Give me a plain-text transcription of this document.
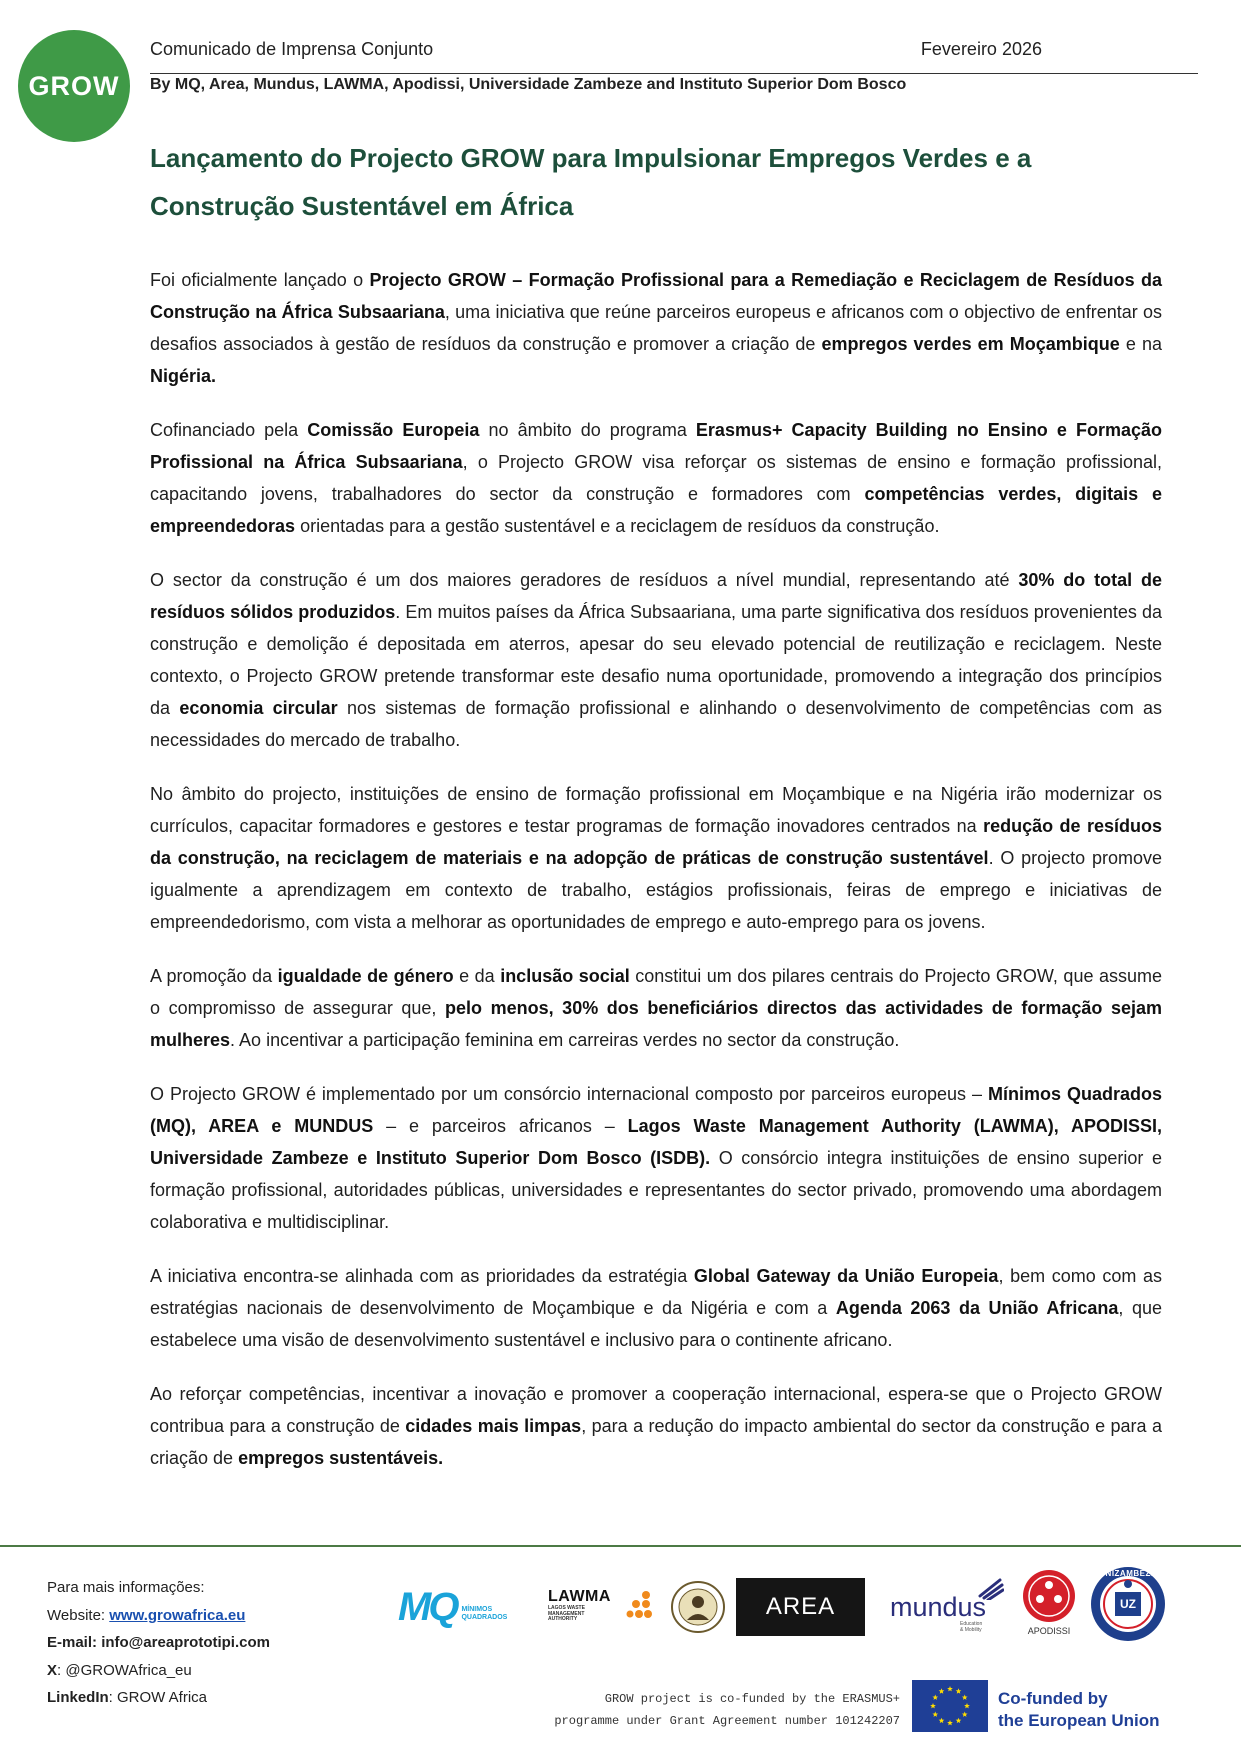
GROW
Comunicado de Imprensa Conjunto	Fevereiro 2026
By MQ, Area, Mundus, LAWMA, Apodissi, Universidade Zambeze and Instituto Superior Dom Bosco
Lançamento do Projecto GROW para Impulsionar Empregos Verdes e a
Construção Sustentável em África

Foi oficialmente lançado o Projecto GROW – Formação Profissional para a Remediação e Reciclagem de Resíduos da Construção na África Subsaariana, uma iniciativa que reúne parceiros europeus e africanos com o objectivo de enfrentar os desafios associados à gestão de resíduos da construção e promover a criação de empregos verdes em Moçambique e na Nigéria.

Cofinanciado pela Comissão Europeia no âmbito do programa Erasmus+ Capacity Building no Ensino e Formação Profissional na África Subsaariana, o Projecto GROW visa reforçar os sistemas de ensino e formação profissional, capacitando jovens, trabalhadores do sector da construção e formadores com competências verdes, digitais e empreendedoras orientadas para a gestão sustentável e a reciclagem de resíduos da construção.

O sector da construção é um dos maiores geradores de resíduos a nível mundial, representando até 30% do total de resíduos sólidos produzidos. Em muitos países da África Subsaariana, uma parte significativa dos resíduos provenientes da construção e demolição é depositada em aterros, apesar do seu elevado potencial de reutilização e reciclagem. Neste contexto, o Projecto GROW pretende transformar este desafio numa oportunidade, promovendo a integração dos princípios da economia circular nos sistemas de formação profissional e alinhando o desenvolvimento de competências com as necessidades do mercado de trabalho.

No âmbito do projecto, instituições de ensino de formação profissional em Moçambique e na Nigéria irão modernizar os currículos, capacitar formadores e gestores e testar programas de formação inovadores centrados na redução de resíduos da construção, na reciclagem de materiais e na adopção de práticas de construção sustentável. O projecto promove igualmente a aprendizagem em contexto de trabalho, estágios profissionais, feiras de emprego e iniciativas de empreendedorismo, com vista a melhorar as oportunidades de emprego e auto-emprego para os jovens.

A promoção da igualdade de género e da inclusão social constitui um dos pilares centrais do Projecto GROW, que assume o compromisso de assegurar que, pelo menos, 30% dos beneficiários directos das actividades de formação sejam mulheres. Ao incentivar a participação feminina em carreiras verdes no sector da construção.

O Projecto GROW é implementado por um consórcio internacional composto por parceiros europeus – Mínimos Quadrados (MQ), AREA e MUNDUS – e parceiros africanos – Lagos Waste Management Authority (LAWMA), APODISSI, Universidade Zambeze e Instituto Superior Dom Bosco (ISDB). O consórcio integra instituições de ensino superior e formação profissional, autoridades públicas, universidades e representantes do sector privado, promovendo uma abordagem colaborativa e multidisciplinar.

A iniciativa encontra-se alinhada com as prioridades da estratégia Global Gateway da União Europeia, bem como com as estratégias nacionais de desenvolvimento de Moçambique e da Nigéria e com a Agenda 2063 da União Africana, que estabelece uma visão de desenvolvimento sustentável e inclusivo para o continente africano.

Ao reforçar competências, incentivar a inovação e promover a cooperação internacional, espera-se que o Projecto GROW contribua para a construção de cidades mais limpas, para a redução do impacto ambiental do sector da construção e para a criação de empregos sustentáveis.

Para mais informações:
Website: www.growafrica.eu
E-mail: info@areaprototipi.com
X: @GROWAfrica_eu
LinkedIn: GROW Africa
MQ MÍNIMOS
QUADRADOS
LAWMA
LAGOS WASTE
MANAGEMENT
AUTHORITY	AREA mundus
Education
& Mobility	APODISSI
UNIZAMBEZE
UZ
GROW project is co-funded by the ERASMUS+
programme under Grant Agreement number 101242207
Co-funded by
the European Union
